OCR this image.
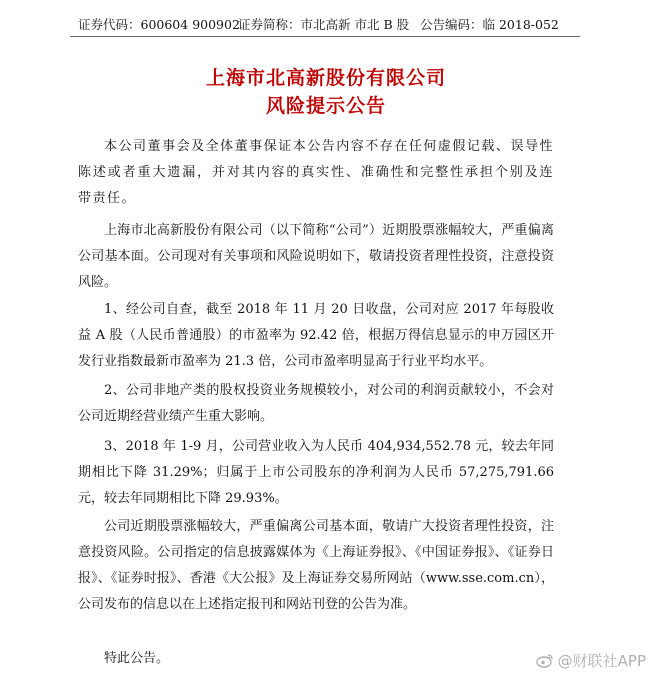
证券代码：600604 900902
证券简称：市北高新 市北 B 股 公告编码：临 2018-052
上海市北高新股份有限公司
风险提示公告

本公司董事会及全体董事保证本公告内容不存在任何虚假记载、误导性陈述或者重大遗漏，并对其内容的真实性、准确性和完整性承担个别及连带责任。

上海市北高新股份有限公司（以下简称“公司”）近期股票涨幅较大，严重偏离公司基本面。公司现对有关事项和风险说明如下，敬请投资者理性投资，注意投资风险。

1、经公司自查，截至 2018 年 11 月 20 日收盘，公司对应 2017 年每股收益 A 股（人民币普通股）的市盈率为 92.42 倍，根据万得信息显示的申万园区开发行业指数最新市盈率为 21.3 倍，公司市盈率明显高于行业平均水平。

2、公司非地产类的股权投资业务规模较小，对公司的利润贡献较小，不会对公司近期经营业绩产生重大影响。

3、2018 年 1-9 月，公司营业收入为人民币 404,934,552.78 元，较去年同期相比下降 31.29%；归属于上市公司股东的净利润为人民币 57,275,791.66 元，较去年同期相比下降 29.93%。

公司近期股票涨幅较大，严重偏离公司基本面，敬请广大投资者理性投资，注意投资风险。公司指定的信息披露媒体为《上海证券报》、《中国证券报》、《证券日报》、《证券时报》、香港《大公报》及上海证券交易所网站（www.sse.com.cn），公司发布的信息以在上述指定报刊和网站刊登的公告为准。

特此公告。	@财联社APP
